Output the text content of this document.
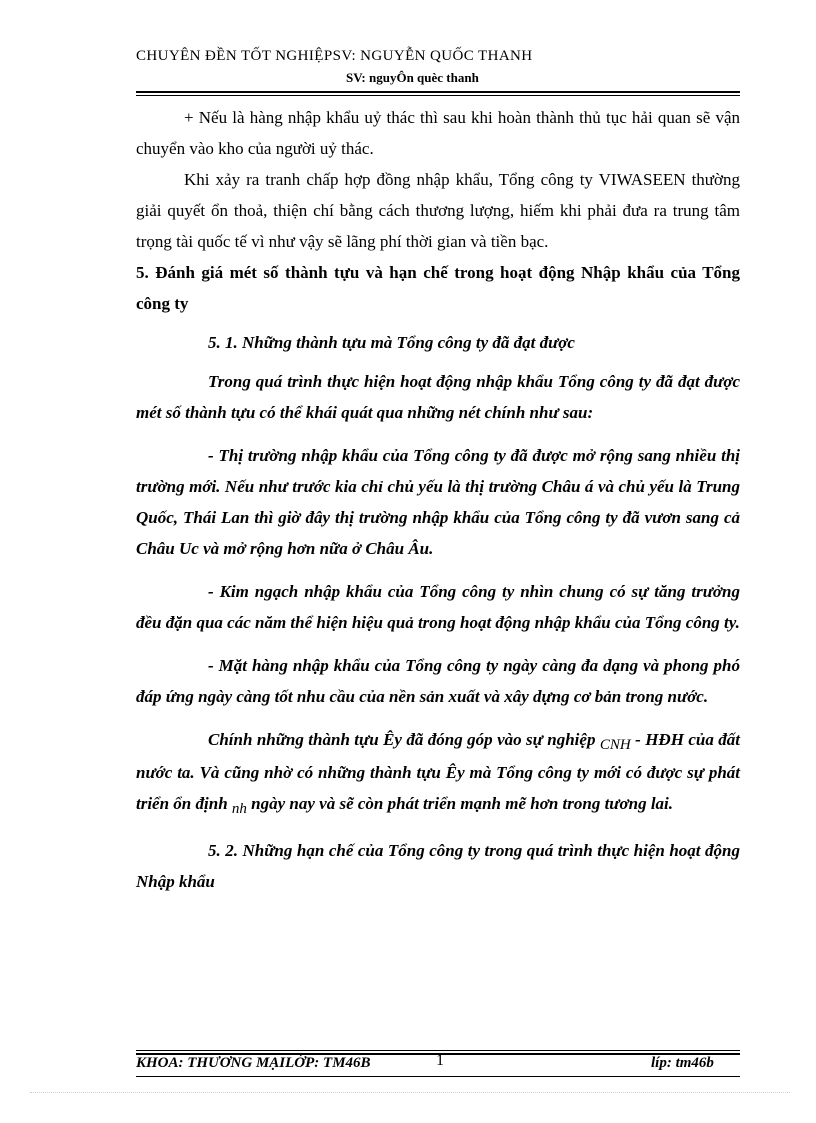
CHUYÊN ĐỀN TỐT NGHIỆPSV: NGUYỄN QUỐC THANH
SV: nguyÔn quèc thanh

+ Nếu là hàng nhập khẩu uỷ thác thì sau khi hoàn thành thủ tục hải quan sẽ vận chuyển vào kho của người uỷ thác.

Khi xảy ra tranh chấp hợp đồng nhập khẩu, Tổng công ty VIWASEEN thường giải quyết ổn thoả, thiện chí bằng cách thương lượng, hiếm khi phải đưa ra trung tâm trọng tài quốc tế vì như vậy sẽ lãng phí thời gian và tiền bạc.

5. Đánh giá mét số thành tựu và hạn chế trong hoạt động Nhập khẩu của Tổng công ty

5. 1. Những thành tựu mà Tổng công ty đã đạt được

Trong quá trình thực hiện hoạt động nhập khẩu Tổng công ty đã đạt được mét số thành tựu có thể khái quát qua những nét chính như sau:

- Thị trường nhập khẩu của Tổng công ty đã được mở rộng sang nhiều thị trường mới. Nếu như trước kia chỉ chủ yếu là thị trường Châu á và chủ yếu là Trung Quốc, Thái Lan thì giờ đây thị trường nhập khẩu của Tổng công ty đã vươn sang cả Châu Uc và mở rộng hơn nữa ở Châu Âu.

- Kim ngạch nhập khẩu của Tổng công ty nhìn chung có sự tăng trưởng đều đặn qua các năm thể hiện hiệu quả trong hoạt động nhập khẩu của Tổng công ty.

- Mặt hàng nhập khẩu của Tổng công ty ngày càng đa dạng và phong phó đáp ứng ngày càng tốt nhu cầu của nền sản xuất và xây dựng cơ bản trong nước.

Chính những thành tựu Êy đã đóng góp vào sự nghiệp CNH - HĐH của đất nước ta. Và cũng nhờ có những thành tựu Êy mà Tổng công ty mới có được sự phát triển ổn định nh ngày nay và sẽ còn phát triển mạnh mẽ hơn trong tương lai.

5. 2. Những hạn chế của Tổng công ty trong quá trình thực hiện hoạt động Nhập khẩu

KHOA: THƯƠNG MẠILỚP: TM46B	1	líp: tm46b
